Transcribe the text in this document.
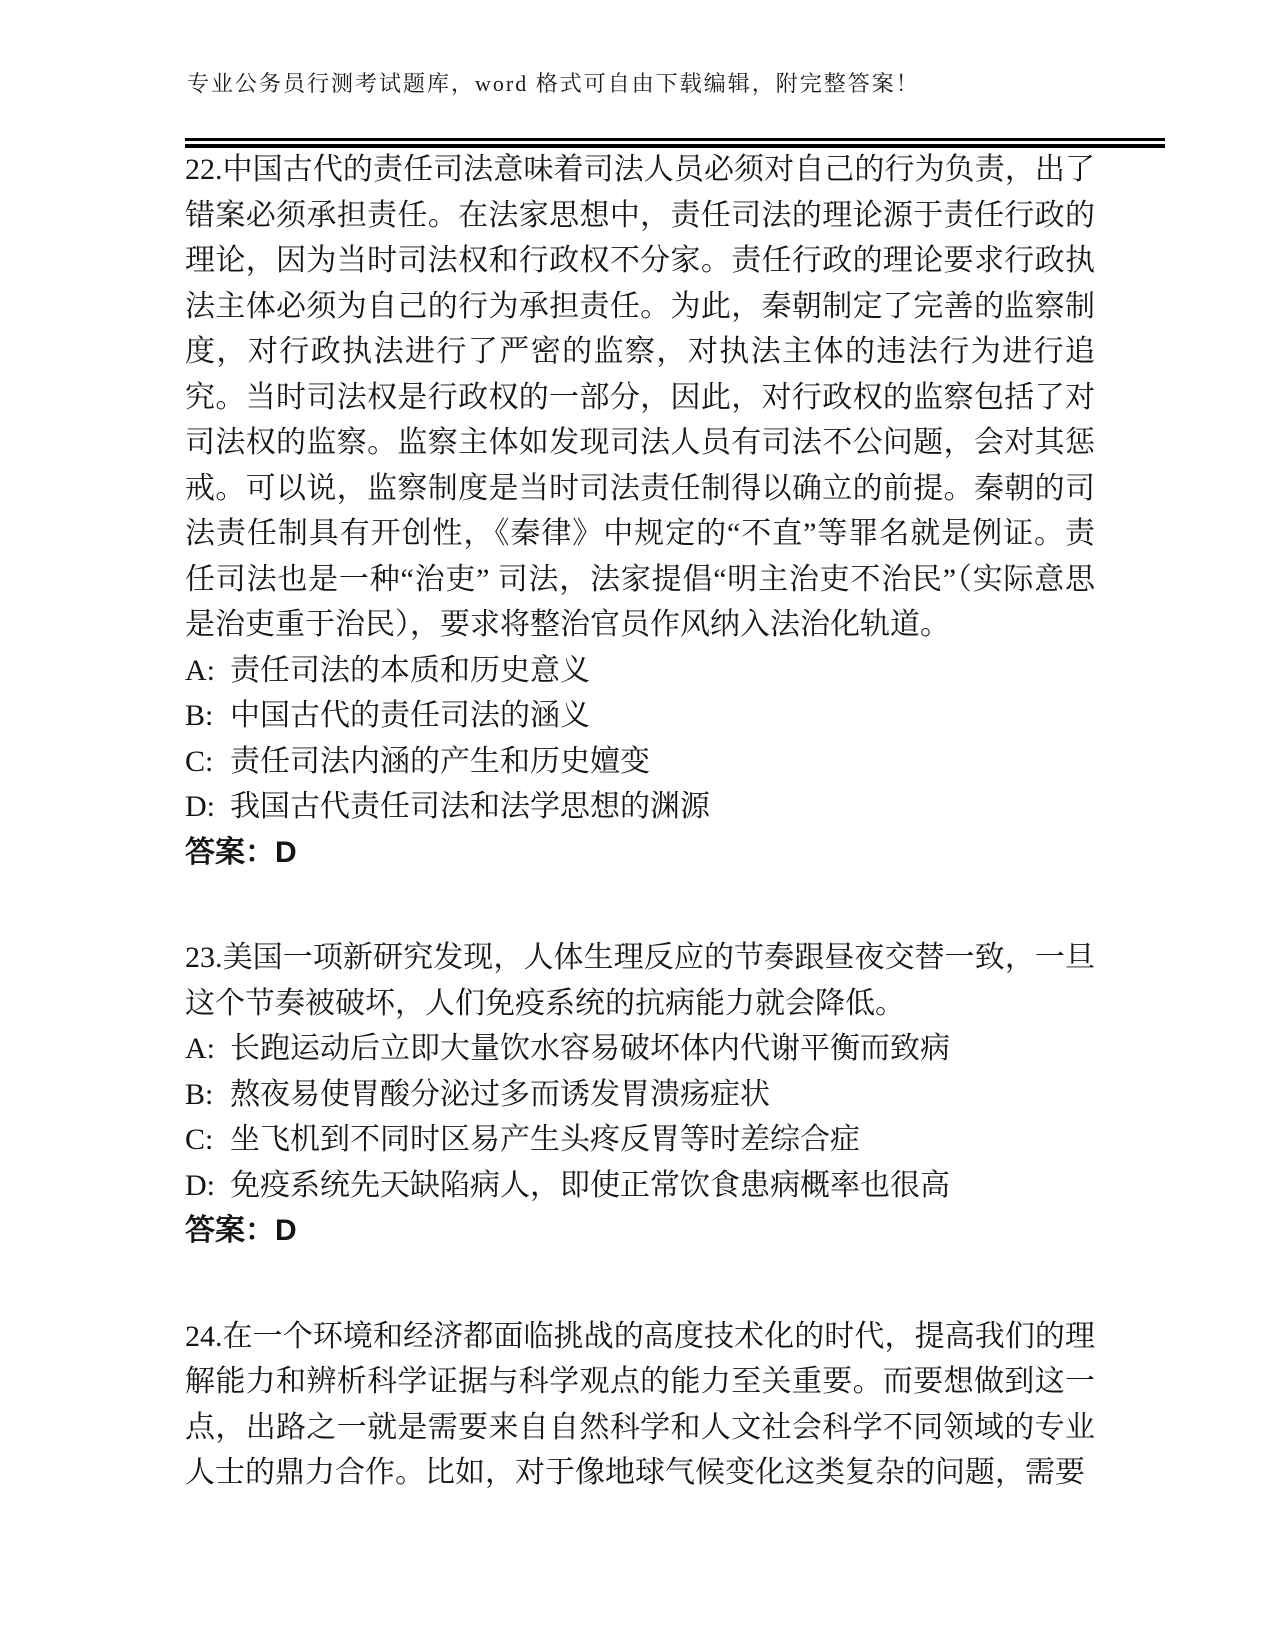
专业公务员行测考试题库，word 格式可自由下载编辑，附完整答案！

22.中国古代的责任司法意味着司法人员必须对自己的行为负责，出了错案必须承担责任。在法家思想中，责任司法的理论源于责任行政的理论，因为当时司法权和行政权不分家。责任行政的理论要求行政执法主体必须为自己的行为承担责任。为此，秦朝制定了完善的监察制度，对行政执法进行了严密的监察，对执法主体的违法行为进行追究。当时司法权是行政权的一部分，因此，对行政权的监察包括了对司法权的监察。监察主体如发现司法人员有司法不公问题，会对其惩戒。可以说，监察制度是当时司法责任制得以确立的前提。秦朝的司法责任制具有开创性，《秦律》中规定的“不直”等罪名就是例证。责任司法也是一种“治吏” 司法，法家提倡“明主治吏不治民”（实际意思是治吏重于治民），要求将整治官员作风纳入法治化轨道。

A: 责任司法的本质和历史意义

B: 中国古代的责任司法的涵义

C: 责任司法内涵的产生和历史嬗变

D: 我国古代责任司法和法学思想的渊源

答案：D

23.美国一项新研究发现，人体生理反应的节奏跟昼夜交替一致，一旦这个节奏被破坏，人们免疫系统的抗病能力就会降低。

A: 长跑运动后立即大量饮水容易破坏体内代谢平衡而致病

B: 熬夜易使胃酸分泌过多而诱发胃溃疡症状

C: 坐飞机到不同时区易产生头疼反胃等时差综合症

D: 免疫系统先天缺陷病人，即使正常饮食患病概率也很高

答案：D

24.在一个环境和经济都面临挑战的高度技术化的时代，提高我们的理解能力和辨析科学证据与科学观点的能力至关重要。而要想做到这一点，出路之一就是需要来自自然科学和人文社会科学不同领域的专业人士的鼎力合作。比如，对于像地球气候变化这类复杂的问题，需要
